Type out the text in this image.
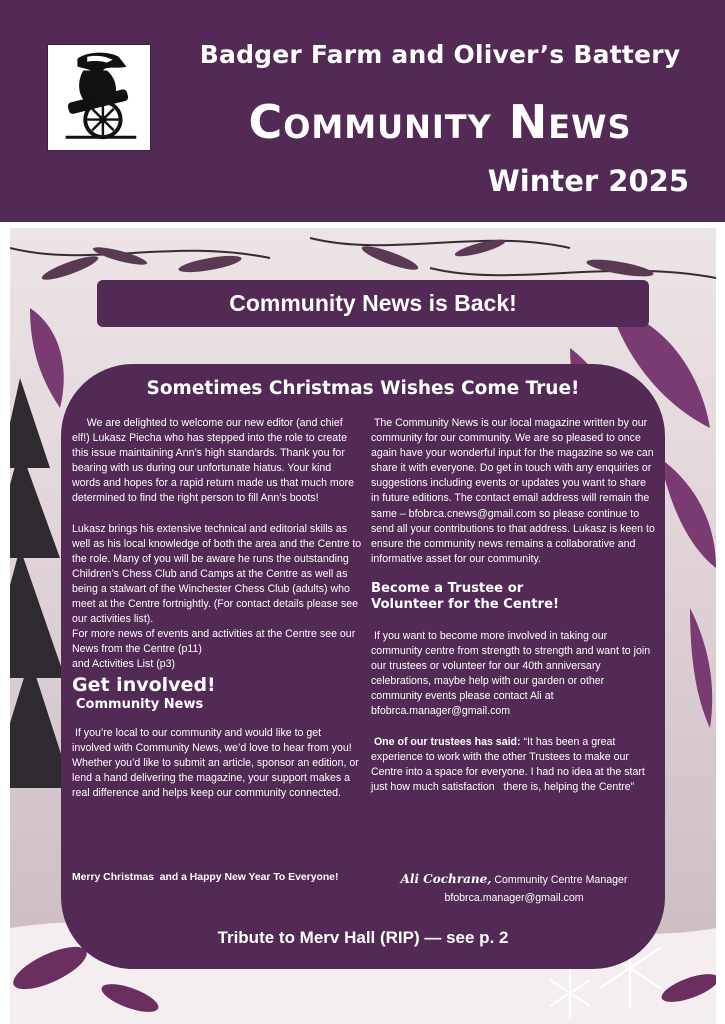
Badger Farm and Oliver’s Battery
Community News
Winter 2025
Community News is Back!
Sometimes Christmas Wishes Come True!

We are delighted to welcome our new editor (and chief elf!) Lukasz Piecha who has stepped into the role to create this issue maintaining Ann’s high standards. Thank you for bearing with us during our unfortunate hiatus. Your kind words and hopes for a rapid return made us that much more determined to find the right person to fill Ann’s boots!

Lukasz brings his extensive technical and editorial skills as well as his local knowledge of both the area and the Centre to the role. Many of you will be aware he runs the outstanding Children’s Chess Club and Camps at the Centre as well as being a stalwart of the Winchester Chess Club (adults) who meet at the Centre fortnightly. (For contact details please see our activities list).

For more news of events and activities at the Centre see our News from the Centre (p11)

and Activities List (p3)

Get involved!
Community News

If you’re local to our community and would like to get involved with Community News, we’d love to hear from you! Whether you’d like to submit an article, sponsor an edition, or lend a hand delivering the magazine, your support makes a real difference and helps keep our community connected.

The Community News is our local magazine written by our community for our community. We are so pleased to once again have your wonderful input for the magazine so we can share it with everyone. Do get in touch with any enquiries or suggestions including events or updates you want to share in future editions. The contact email address will remain the same – bfobrca.cnews@gmail.com so please continue to send all your contributions to that address. Lukasz is keen to ensure the community news remains a collaborative and informative asset for our community.

Become a Trustee or
Volunteer for the Centre!

If you want to become more involved in taking our community centre from strength to strength and want to join our trustees or volunteer for our 40th anniversary celebrations, maybe help with our garden or other community events please contact Ali at bfobrca.manager@gmail.com

One of our trustees has said: “It has been a great experience to work with the other Trustees to make our Centre into a space for everyone. I had no idea at the start just how much satisfaction   there is, helping the Centre”

Merry Christmas  and a Happy New Year To Everyone!	Ali Cochrane, Community Centre Manager
bfobrca.manager@gmail.com
Tribute to Merv Hall (RIP) — see p. 2
